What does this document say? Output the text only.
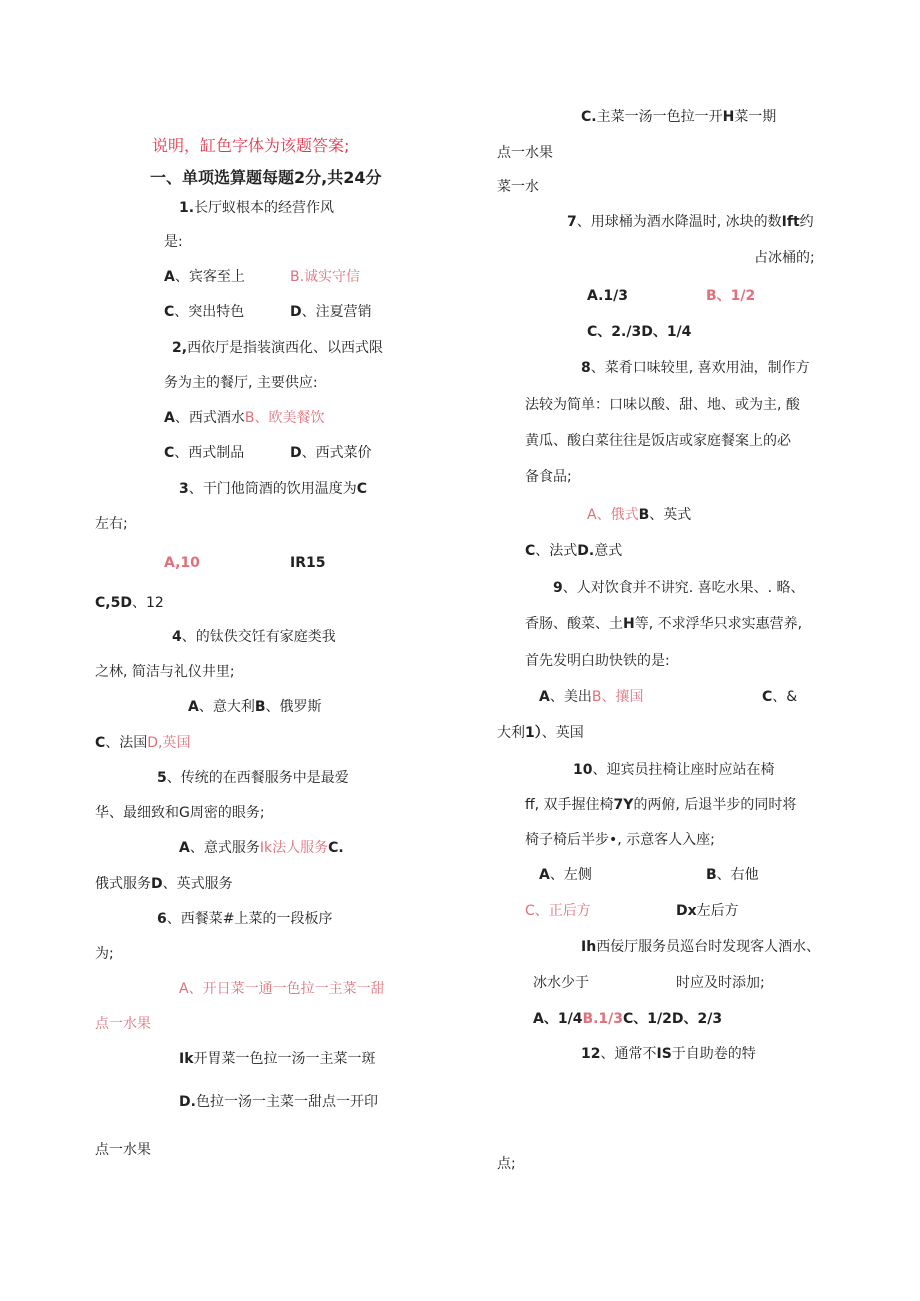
说明，缸色字体为该题答案;
一、单项选算题每题2分,共24分
1.长厅蚁根本的经营作风
是:
A、宾客至上	B.诚实守信
C、突出特色	D、注夏营销
2,西依厅是指装演西化、以西式限
务为主的餐厅, 主要供应:
A、西式酒水B、欧美餐饮
C、西式制品	D、西式菜价
3、干门他筒酒的饮用温度为C
左右;
A,10	IR15
C,5D、12
4、的钛佚交饪有家庭类我
之林, 简洁与礼仪井里;
A、意大利B、俄罗斯
C、法国D,英国
5、传统的在西餐服务中是最爱
华、最细致和G周密的眼务;
A、意式服务Ik法人服务C.
俄式服务D、英式服务
6、西餐菜#上菜的一段板序
为;
A、开日菜一通一色拉一主菜一甜
点一水果
Ik开胃菜一色拉一汤一主菜一斑
D.色拉一汤一主菜一甜点一开印
点一水果
C.主菜一汤一色拉一开H菜一期
点一水果
菜一水
7、用球桶为酒水降温时, 冰块的数Ift约
占冰桶的;
A.1/3	B、1/2
C、2./3D、1/4
8、菜肴口味较里, 喜欢用油，制作方
法较为简单：口味以酸、甜、地、或为主, 酸
黄瓜、酸白菜往往是饭店或家庭餐案上的必
备食品;
A、俄式B、英式
C、法式D.意式
9、人对饮食并不讲究. 喜吃水果、. 略、
香肠、酸菜、土H等, 不求浮华只求实惠营养,
首先发明白助快铁的是:
A、美出B、攘国	C、&
大利1）、英国
10、迎宾员拄椅让座时应站在椅
ff, 双手握住椅7Y的两俯, 后退半步的同时将
椅子椅后半步•, 示意客人入座;
A、左侧	B、右他
C、正后方	Dx左后方
Ih西佞厅服务员巡台时发现客人酒水、
冰水少于	时应及时添加;
A、1/4B.1/3C、1/2D、2/3
12、通常不IS于自助卷的特
点;
